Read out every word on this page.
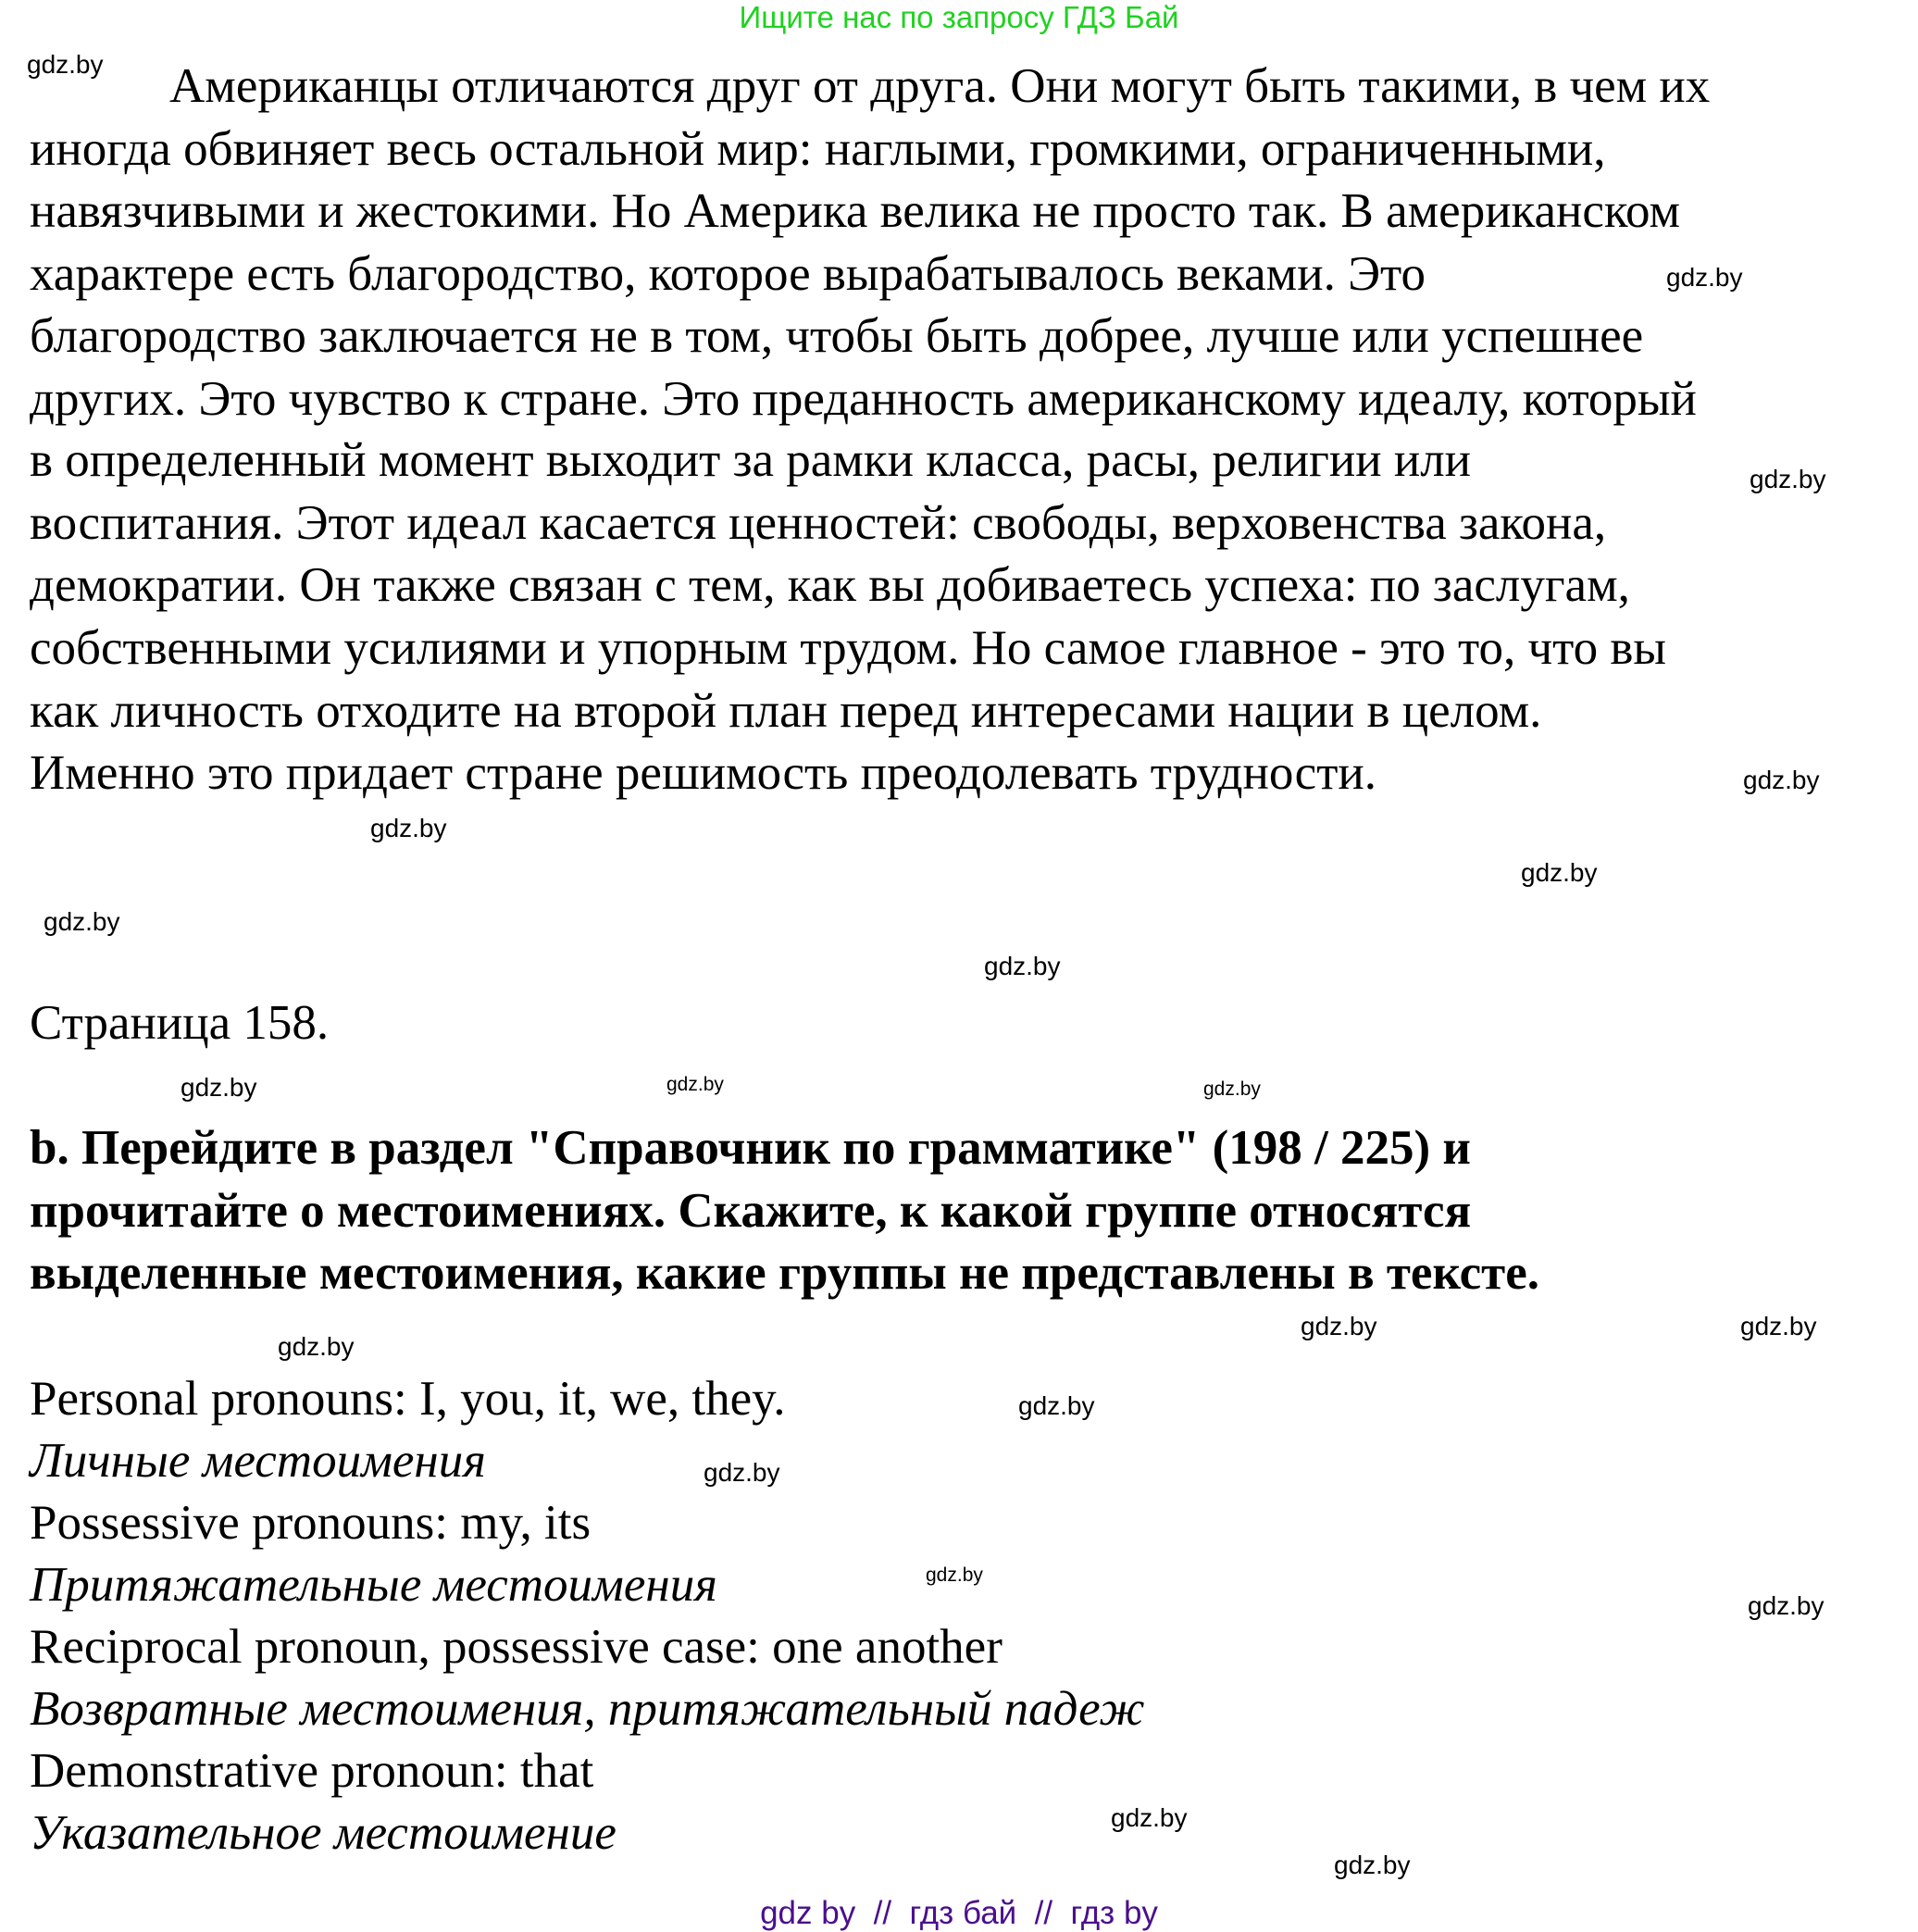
Ищите нас по запросу ГДЗ Бай
Американцы отличаются друг от друга. Они могут быть такими, в чем их
иногда обвиняет весь остальной мир: наглыми, громкими, ограниченными,
навязчивыми и жестокими. Но Америка велика не просто так. В американском
характере есть благородство, которое вырабатывалось веками. Это
благородство заключается не в том, чтобы быть добрее, лучше или успешнее
других. Это чувство к стране. Это преданность американскому идеалу, который
в определенный момент выходит за рамки класса, расы, религии или
воспитания. Этот идеал касается ценностей: свободы, верховенства закона,
демократии. Он также связан с тем, как вы добиваетесь успеха: по заслугам,
собственными усилиями и упорным трудом. Но самое главное - это то, что вы
как личность отходите на второй план перед интересами нации в целом.
Именно это придает стране решимость преодолевать трудности.
Страница 158.
b. Перейдите в раздел "Справочник по грамматике" (198 / 225) и
прочитайте о местоимениях. Скажите, к какой группе относятся
выделенные местоимения, какие группы не представлены в тексте.
Personal pronouns: I, you, it, we, they.
Личные местоимения
Possessive pronouns: my, its
Притяжательные местоимения
Reciprocal pronoun, possessive case: one another
Возвратные местоимения, притяжательный падеж
Demonstrative pronoun: that
Указательное местоимение
gdz.by
gdz.by
gdz.by	gdz.by
gdz.by
gdz.by
gdz.by
gdz.by
gdz.by
gdz.by
gdz.by
gdz.by
gdz.by
gdz.by
gdz.by
gdz.by
gdz.by
gdz.by
gdz.by
gdz.by
gdz by  //  гдз бай  //  гдз by
